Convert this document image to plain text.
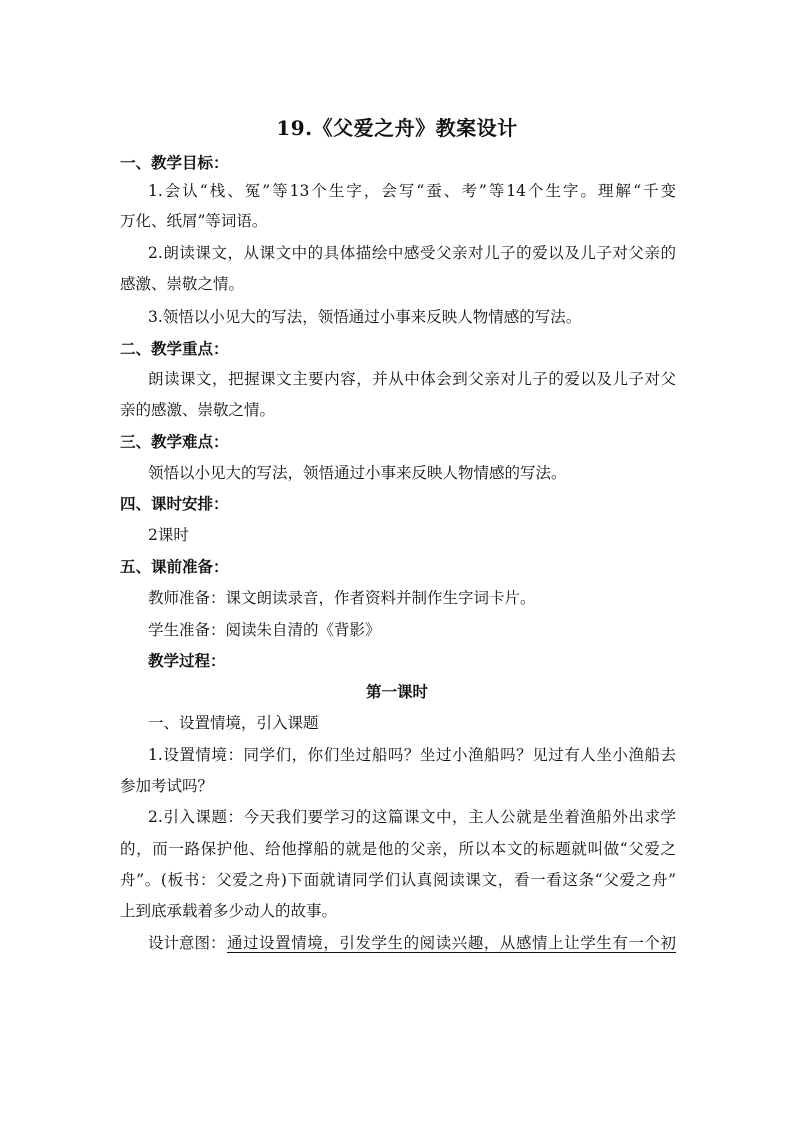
19.《父爱之舟》教案设计
一、教学目标：
1.会认“栈、冤”等13个生字，会写“蚕、考”等14个生字。理解“千变
万化、纸屑”等词语。
2.朗读课文，从课文中的具体描绘中感受父亲对儿子的爱以及儿子对父亲的
感激、崇敬之情。
3.领悟以小见大的写法，领悟通过小事来反映人物情感的写法。
二、教学重点：
朗读课文，把握课文主要内容，并从中体会到父亲对儿子的爱以及儿子对父
亲的感激、崇敬之情。
三、教学难点：
领悟以小见大的写法，领悟通过小事来反映人物情感的写法。
四、课时安排：
2课时
五、课前准备：
教师准备：课文朗读录音，作者资料并制作生字词卡片。
学生准备：阅读朱自清的《背影》
教学过程：
第一课时
一、设置情境，引入课题
1.设置情境：同学们，你们坐过船吗？坐过小渔船吗？见过有人坐小渔船去
参加考试吗？
2.引入课题：今天我们要学习的这篇课文中，主人公就是坐着渔船外出求学
的，而一路保护他、给他撑船的就是他的父亲，所以本文的标题就叫做“父爱之
舟”。(板书：父爱之舟)下面就请同学们认真阅读课文，看一看这条“父爱之舟”
上到底承载着多少动人的故事。
设计意图： 通过设置情境，引发学生的阅读兴趣，从感情上让学生有一个初
